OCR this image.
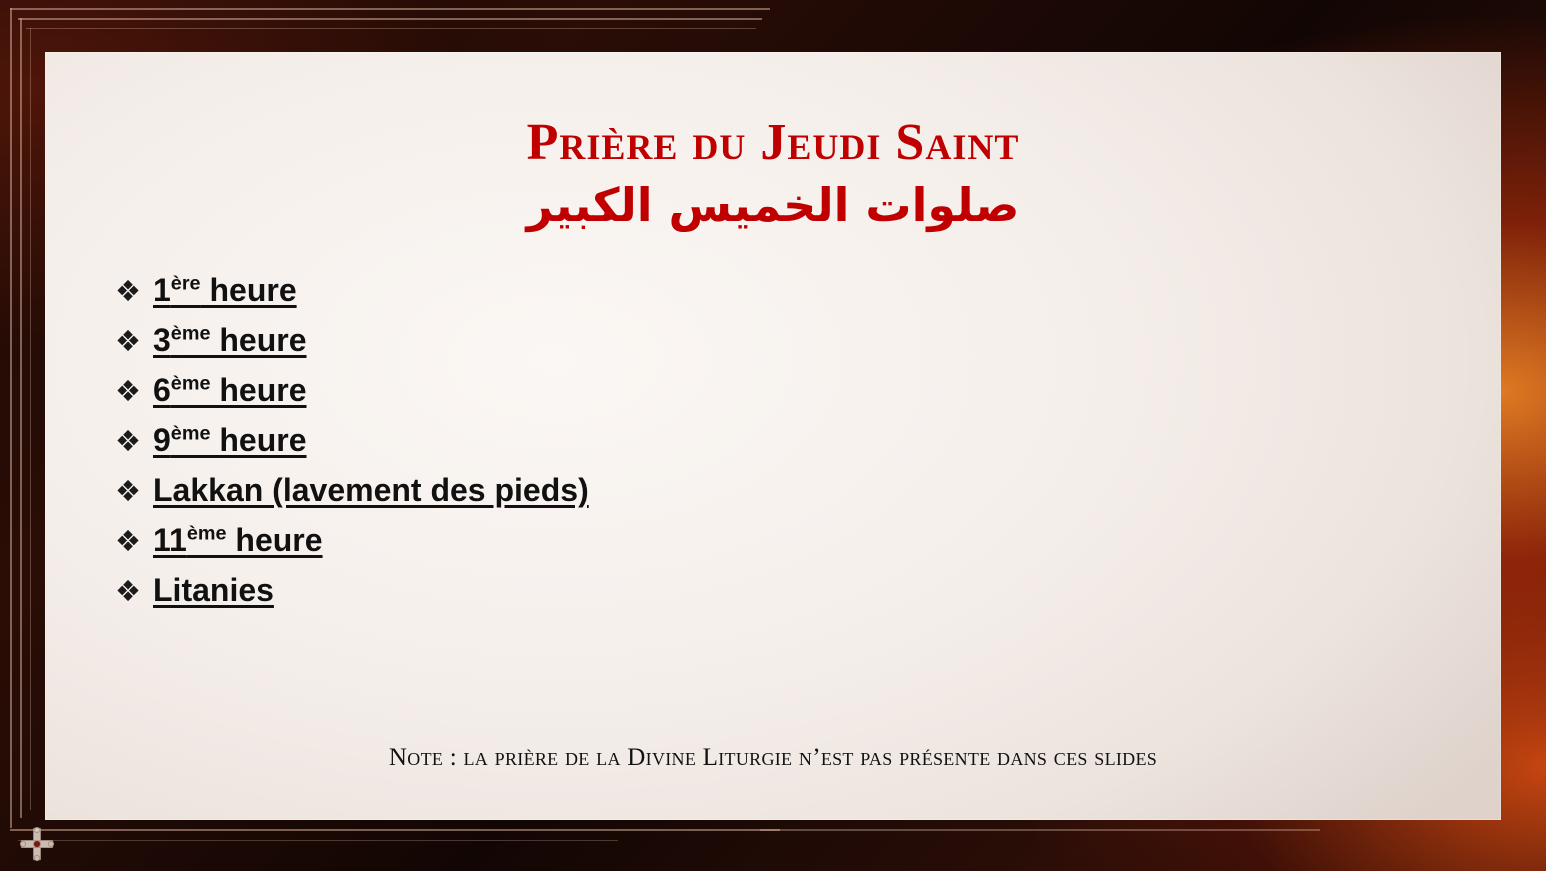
Prière du Jeudi Saint
صلوات الخميس الكبير
❖ 1ère heure
❖ 3ème heure
❖ 6ème heure
❖ 9ème heure
❖ Lakkan (lavement des pieds)
❖ 11ème heure
❖ Litanies
Note : la prière de la Divine Liturgie n’est pas présente dans ces slides
